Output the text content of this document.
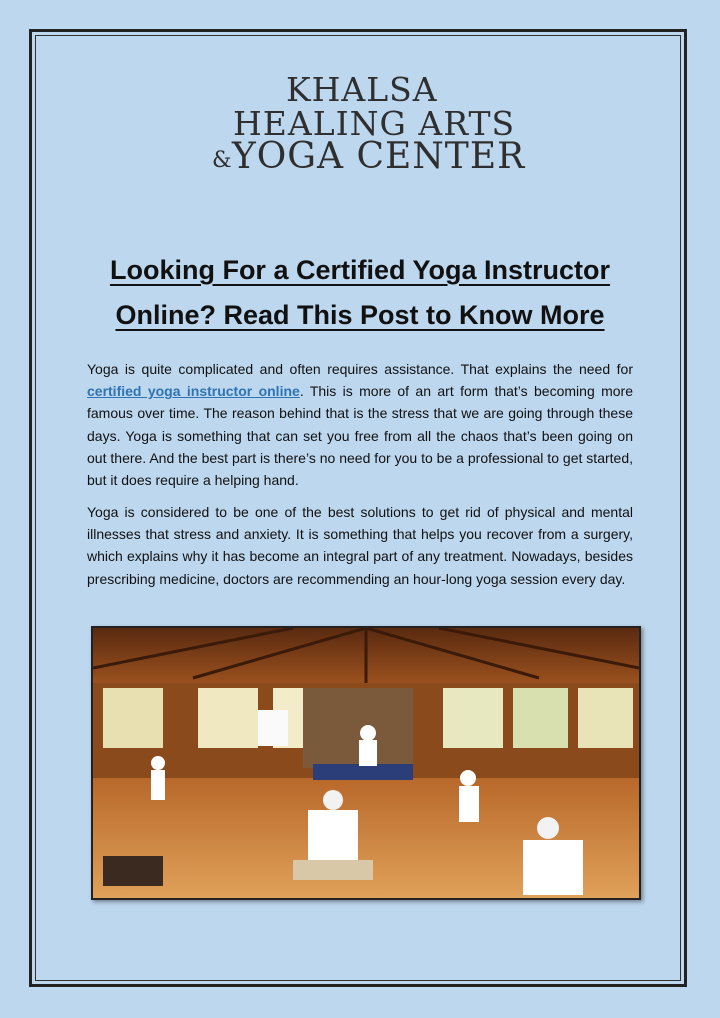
KHALSA
HEALING ARTS
& YOGA CENTER
Looking For a Certified Yoga Instructor Online? Read This Post to Know More

Yoga is quite complicated and often requires assistance. That explains the need for certified yoga instructor online. This is more of an art form that’s becoming more famous over time. The reason behind that is the stress that we are going through these days. Yoga is something that can set you free from all the chaos that’s been going on out there. And the best part is there’s no need for you to be a professional to get started, but it does require a helping hand.

Yoga is considered to be one of the best solutions to get rid of physical and mental illnesses that stress and anxiety. It is something that helps you recover from a surgery, which explains why it has become an integral part of any treatment. Nowadays, besides prescribing medicine, doctors are recommending an hour-long yoga session every day.
